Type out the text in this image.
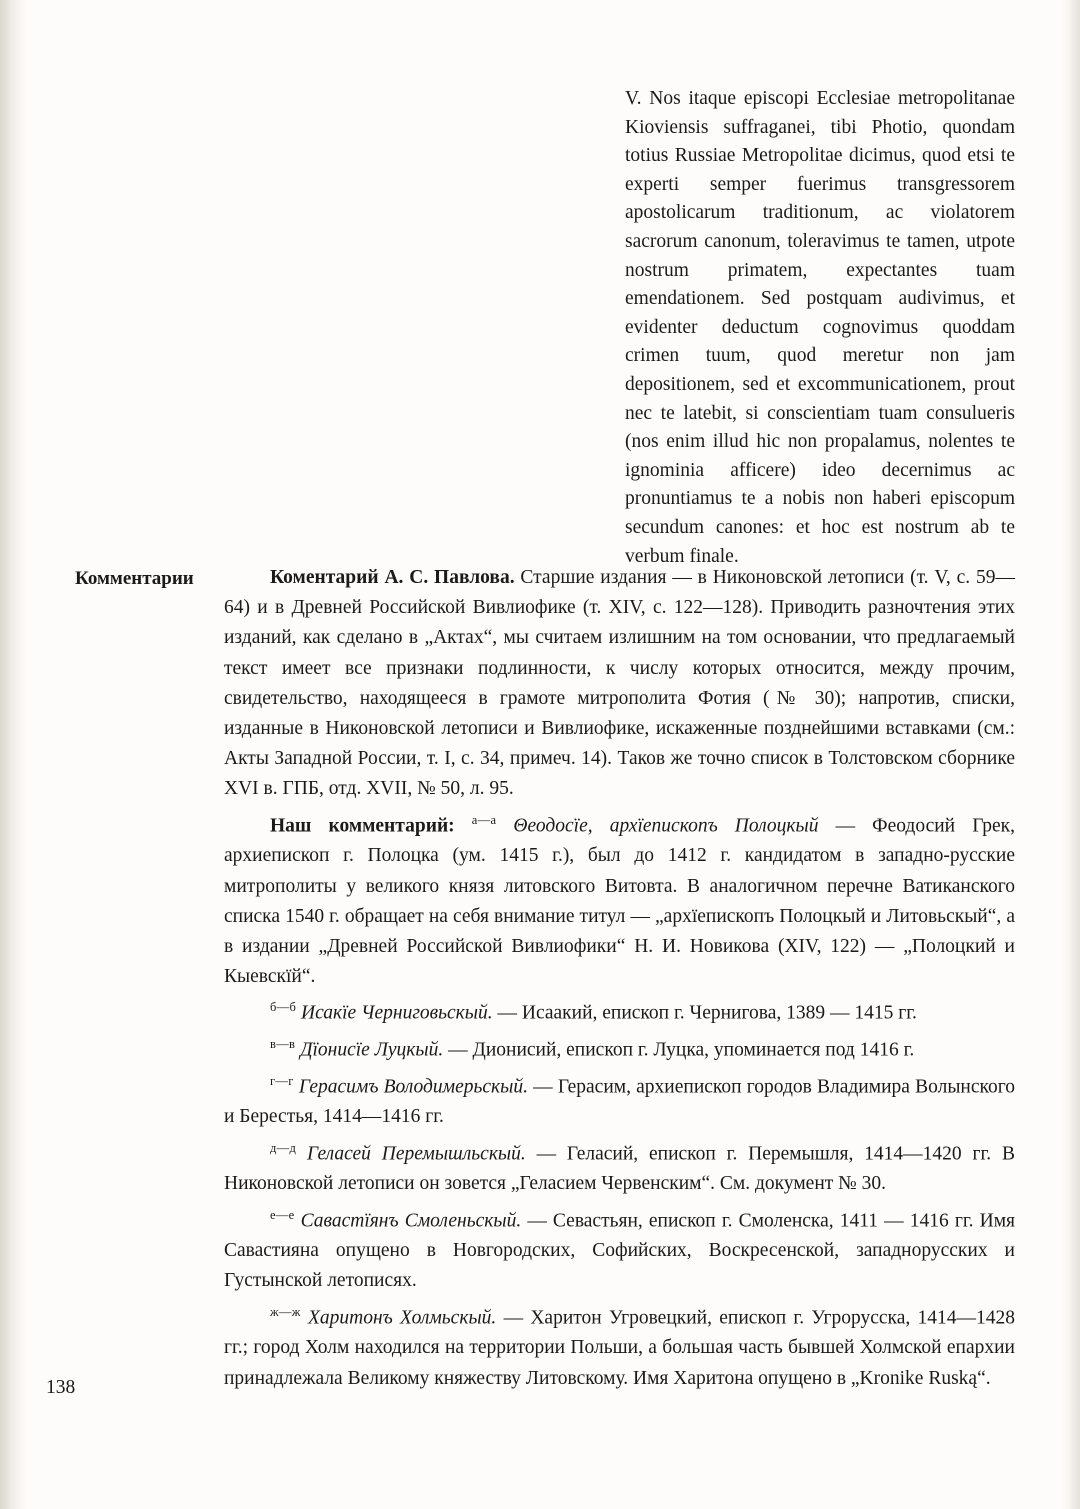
V. Nos itaque episcopi Ecclesiae metropolitanae Kioviensis suffraganei, tibi Photio, quondam totius Russiae Metropolitae dicimus, quod etsi te experti semper fuerimus transgressorem apostolicarum traditionum, ac violatorem sacrorum canonum, toleravimus te tamen, utpote nostrum primatem, expectantes tuam emendationem. Sed postquam audivimus, et evidenter deductum cognovimus quoddam crimen tuum, quod meretur non jam depositionem, sed et excommunicationem, prout nec te latebit, si conscientiam tuam consulueris (nos enim illud hic non propalamus, nolentes te ignominia afficere) ideo decernimus ac pronuntiamus te a nobis non haberi episcopum secundum canones: et hoc est nostrum ab te verbum finale.
Комментарии	Коментарий А. С. Павлова. Старшие издания — в Никоновской летописи (т. V, с. 59—64) и в Древней Российской Вивлиофике (т. XIV, с. 122—128). Приводить разночтения этих изданий, как сделано в „Актах“, мы считаем излишним на том основании, что предлагаемый текст имеет все признаки подлинности, к числу которых относится, между прочим, свидетельство, находящееся в грамоте митрополита Фотия (№ 30); напротив, списки, изданные в Никоновской летописи и Вивлиофике, искаженные позднейшими вставками (см.: Акты Западной России, т. I, с. 34, примеч. 14). Таков же точно список в Толстовском сборнике XVI в. ГПБ, отд. XVII, № 50, л. 95.

Наш комментарий: $^{а—а}$ Θеодосїе, архїепископъ Полоцкый — Феодосий Грек, архиепископ г. Полоцка (ум. 1415 г.), был до 1412 г. кандидатом в западно-русские митрополиты у великого князя литовского Витовта. В аналогичном перечне Ватиканского списка 1540 г. обращает на себя внимание титул — „архїепископъ Полоцкый и Литовьскый“, а в издании „Древней Российской Вивлиофики“ Н. И. Новикова (XIV, 122) — „Полоцкий и Кыевскїй“.

$^{б—б}$ Исакїе Черниговьскый. — Исаакий, епископ г. Чернигова, 1389 — 1415 гг.

$^{в—в}$ Дїонисїе Луцкый. — Дионисий, епископ г. Луцка, упоминается под 1416 г.

$^{г—г}$ Герасимъ Володимерьскый. — Герасим, архиепископ городов Владимира Волынского и Берестья, 1414—1416 гг.

$^{д—д}$ Геласей Перемышльскый. — Геласий, епископ г. Перемышля, 1414—1420 гг. В Никоновской летописи он зовется „Геласием Червенским“. См. документ № 30.

$^{е—е}$ Савастїянъ Смоленьскый. — Севастьян, епископ г. Смоленска, 1411 — 1416 гг. Имя Савастияна опущено в Новгородских, Софийских, Воскресенской, западнорусских и Густынской летописях.

$^{ж—ж}$ Харитонъ Холмьскый. — Харитон Угровецкий, епископ г. Угрорусска, 1414—1428 гг.; город Холм находился на территории Польши, а большая часть бывшей Холмской епархии принадлежала Великому княжеству Литовскому. Имя Харитона опущено в „Kronike Ruską“.

138
